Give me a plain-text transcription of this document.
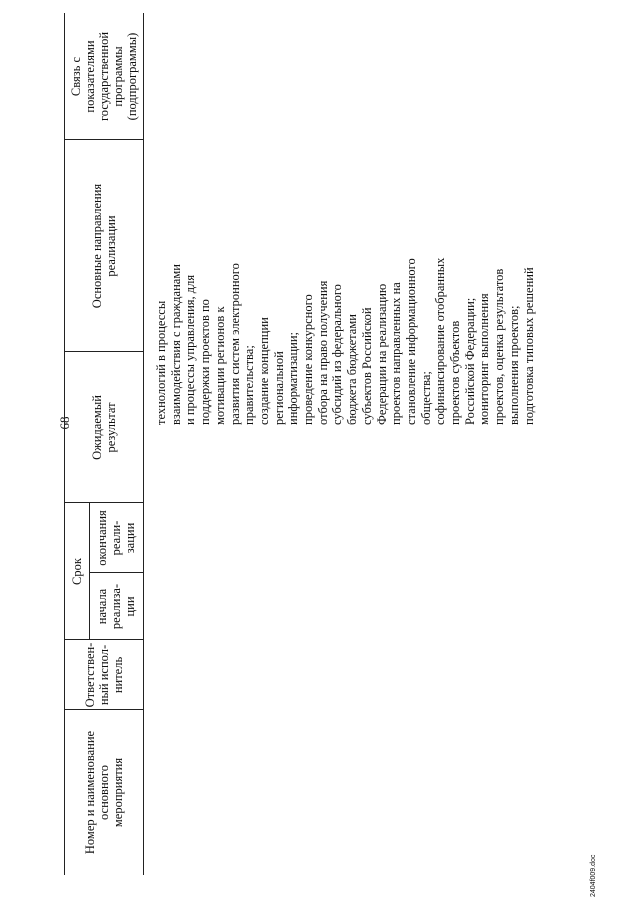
68
Номер и наименование основного мероприятия
Ответствен- ный испол- нитель
Срок
начала реализа- ции
окончания реали- зации
Ожидаемый результат
Основные направления реализации
Связь с показателями государственной программы (подпрограммы)
технологий в процессы взаимодействия с гражданами и процессы управления, для поддержки проектов по мотивации регионов к развития систем электронного правительства; создание концепции региональной информатизации; проведение конкурсного отбора на право получения субсидий из федерального бюджета бюджетами субъектов Российской Федерации на реализацию проектов направленных на становление информационного общества; софинансирование отобранных проектов субъектов Российской Федерации; мониторинг выполнения проектов, оценка результатов выполнения проектов; подготовка типовых решений
2404f009.doc
